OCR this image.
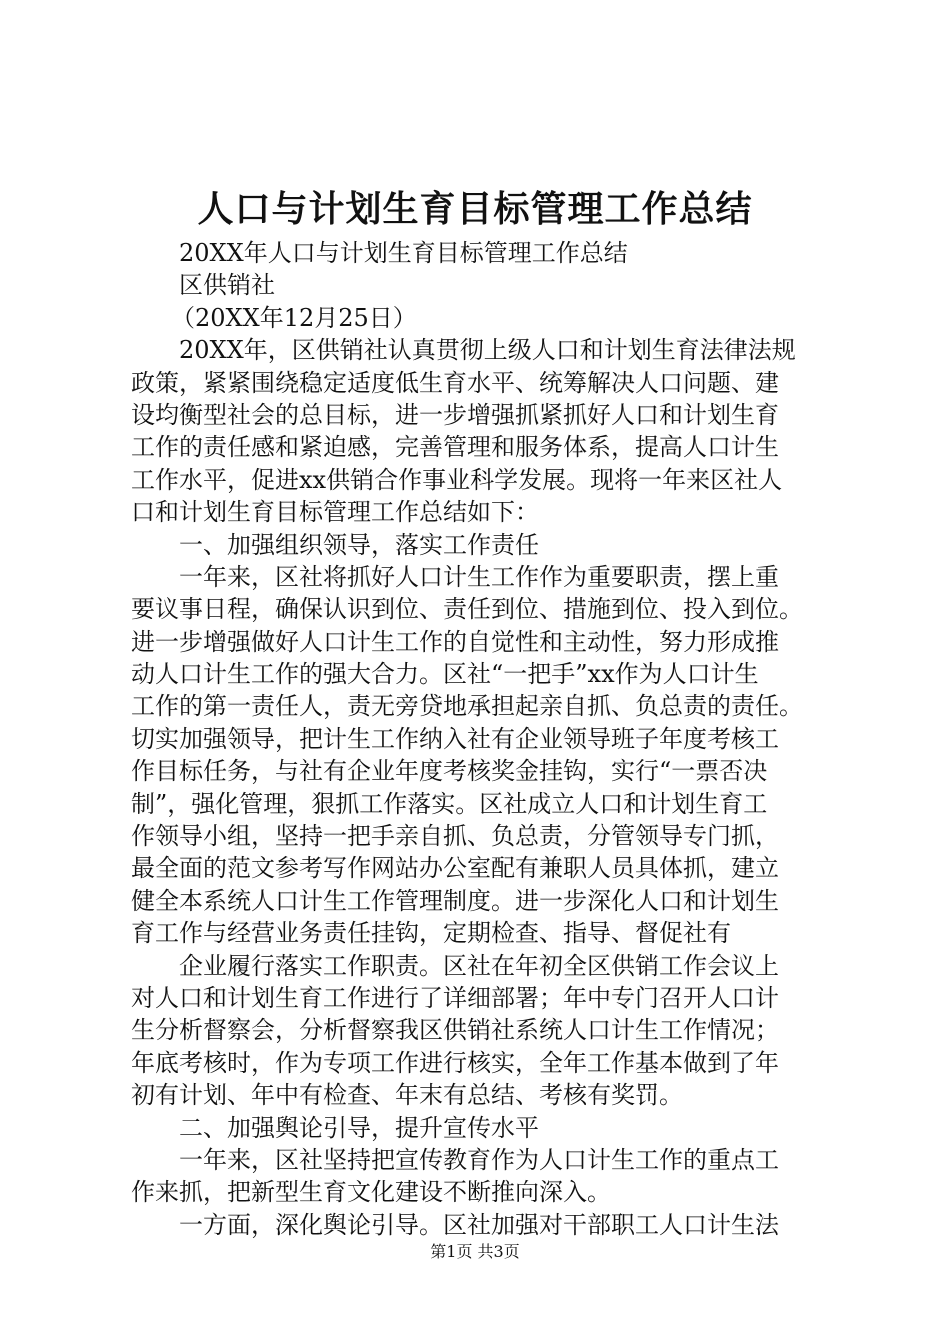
人口与计划生育目标管理工作总结
20XX年人口与计划生育目标管理工作总结
区供销社
（20XX年12月25日）
20XX年，区供销社认真贯彻上级人口和计划生育法律法规
政策，紧紧围绕稳定适度低生育水平、统筹解决人口问题、建
设均衡型社会的总目标，进一步增强抓紧抓好人口和计划生育
工作的责任感和紧迫感，完善管理和服务体系，提高人口计生
工作水平，促进xx供销合作事业科学发展。现将一年来区社人
口和计划生育目标管理工作总结如下：
一、加强组织领导，落实工作责任
一年来，区社将抓好人口计生工作作为重要职责，摆上重
要议事日程，确保认识到位、责任到位、措施到位、投入到位。
进一步增强做好人口计生工作的自觉性和主动性，努力形成推
动人口计生工作的强大合力。区社“一把手”xx作为人口计生
工作的第一责任人，责无旁贷地承担起亲自抓、负总责的责任。
切实加强领导，把计生工作纳入社有企业领导班子年度考核工
作目标任务，与社有企业年度考核奖金挂钩，实行“一票否决
制”，强化管理，狠抓工作落实。区社成立人口和计划生育工
作领导小组，坚持一把手亲自抓、负总责，分管领导专门抓，
最全面的范文参考写作网站办公室配有兼职人员具体抓，建立
健全本系统人口计生工作管理制度。进一步深化人口和计划生
育工作与经营业务责任挂钩，定期检查、指导、督促社有
企业履行落实工作职责。区社在年初全区供销工作会议上
对人口和计划生育工作进行了详细部署；年中专门召开人口计
生分析督察会，分析督察我区供销社系统人口计生工作情况；
年底考核时，作为专项工作进行核实，全年工作基本做到了年
初有计划、年中有检查、年末有总结、考核有奖罚。
二、加强舆论引导，提升宣传水平
一年来，区社坚持把宣传教育作为人口计生工作的重点工
作来抓，把新型生育文化建设不断推向深入。
一方面，深化舆论引导。区社加强对干部职工人口计生法
第1页 共3页
